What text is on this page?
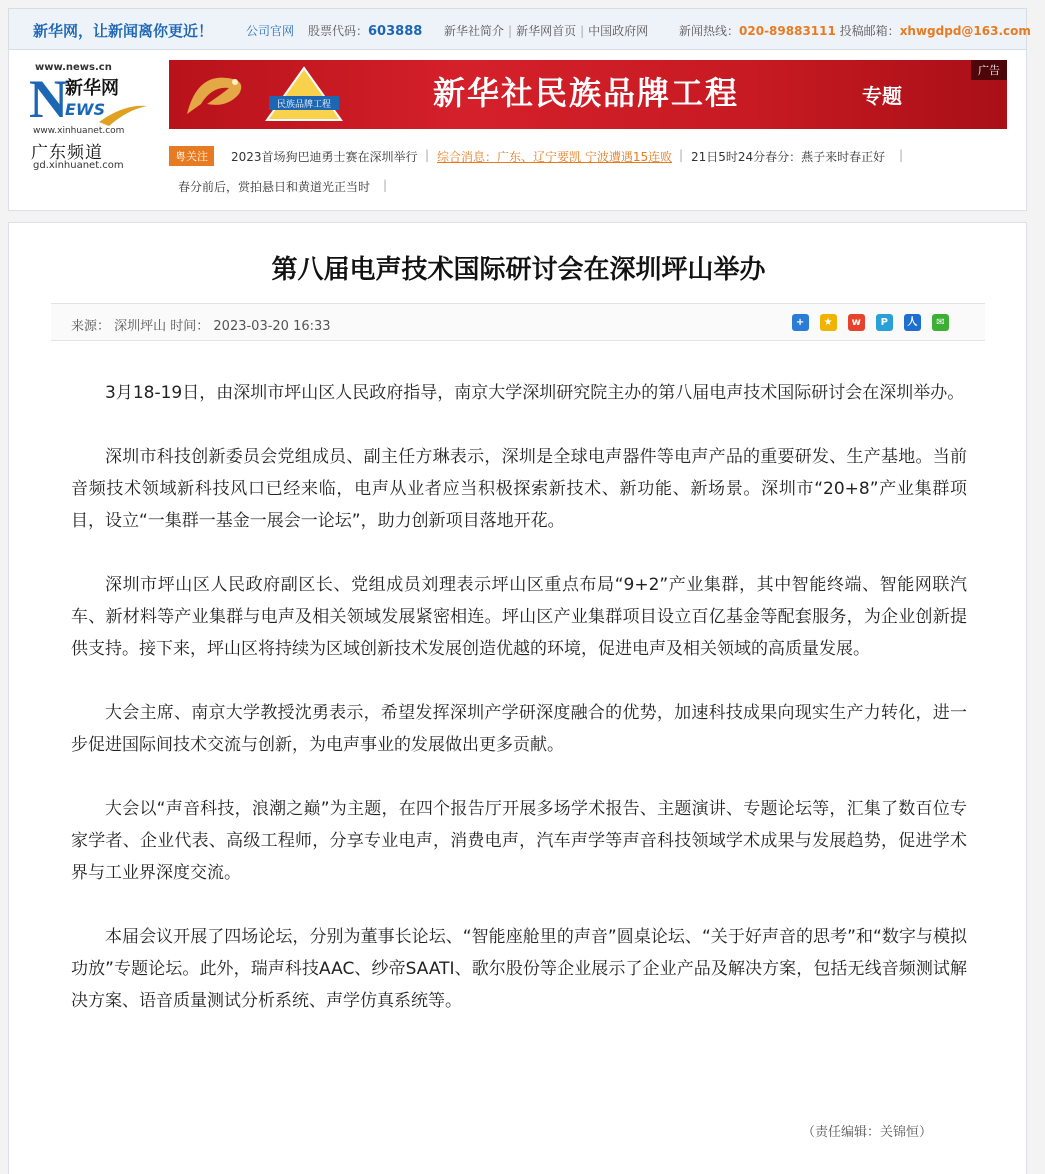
新华网，让新闻离你更近！	公司官网 股票代码：603888 新华社简介 | 新华网首页 | 中国政府网	新闻热线：020-89883111 投稿邮箱：xhwgdpd@163.com
www.news.cn
N
新华网
EWS
www.xinhuanet.com
广东频道
gd.xinhuanet.com
民族品牌工程	新华社民族品牌工程	专题
广告
粤关注	2023首场狗巴迪勇士赛在深圳举行 | 综合消息：广东、辽宁要凯 宁波遭遇15连败 | 21日5时24分春分：燕子来时春正好 |
春分前后，赏拍悬日和黄道光正当时 |
第八届电声技术国际研讨会在深圳坪山举办
来源： 深圳坪山 时间： 2023-03-20 16:33	+ ★ w P 人 ✉

3月18-19日，由深圳市坪山区人民政府指导，南京大学深圳研究院主办的第八届电声技术国际研讨会在深圳举办。

深圳市科技创新委员会党组成员、副主任方琳表示，深圳是全球电声器件等电声产品的重要研发、生产基地。当前音频技术领域新科技风口已经来临，电声从业者应当积极探索新技术、新功能、新场景。深圳市“20+8”产业集群项目，设立“一集群一基金一展会一论坛”，助力创新项目落地开花。

深圳市坪山区人民政府副区长、党组成员刘理表示坪山区重点布局“9+2”产业集群，其中智能终端、智能网联汽车、新材料等产业集群与电声及相关领域发展紧密相连。坪山区产业集群项目设立百亿基金等配套服务，为企业创新提供支持。接下来，坪山区将持续为区域创新技术发展创造优越的环境，促进电声及相关领域的高质量发展。

大会主席、南京大学教授沈勇表示，希望发挥深圳产学研深度融合的优势，加速科技成果向现实生产力转化，进一步促进国际间技术交流与创新，为电声事业的发展做出更多贡献。

大会以“声音科技，浪潮之巅”为主题，在四个报告厅开展多场学术报告、主题演讲、专题论坛等，汇集了数百位专家学者、企业代表、高级工程师，分享专业电声，消费电声，汽车声学等声音科技领域学术成果与发展趋势，促进学术界与工业界深度交流。

本届会议开展了四场论坛，分别为董事长论坛、“智能座舱里的声音”圆桌论坛、“关于好声音的思考”和“数字与模拟功放”专题论坛。此外，瑞声科技AAC、纱帝SAATI、歌尔股份等企业展示了企业产品及解决方案，包括无线音频测试解决方案、语音质量测试分析系统、声学仿真系统等。

（责任编辑：关锦恒）
